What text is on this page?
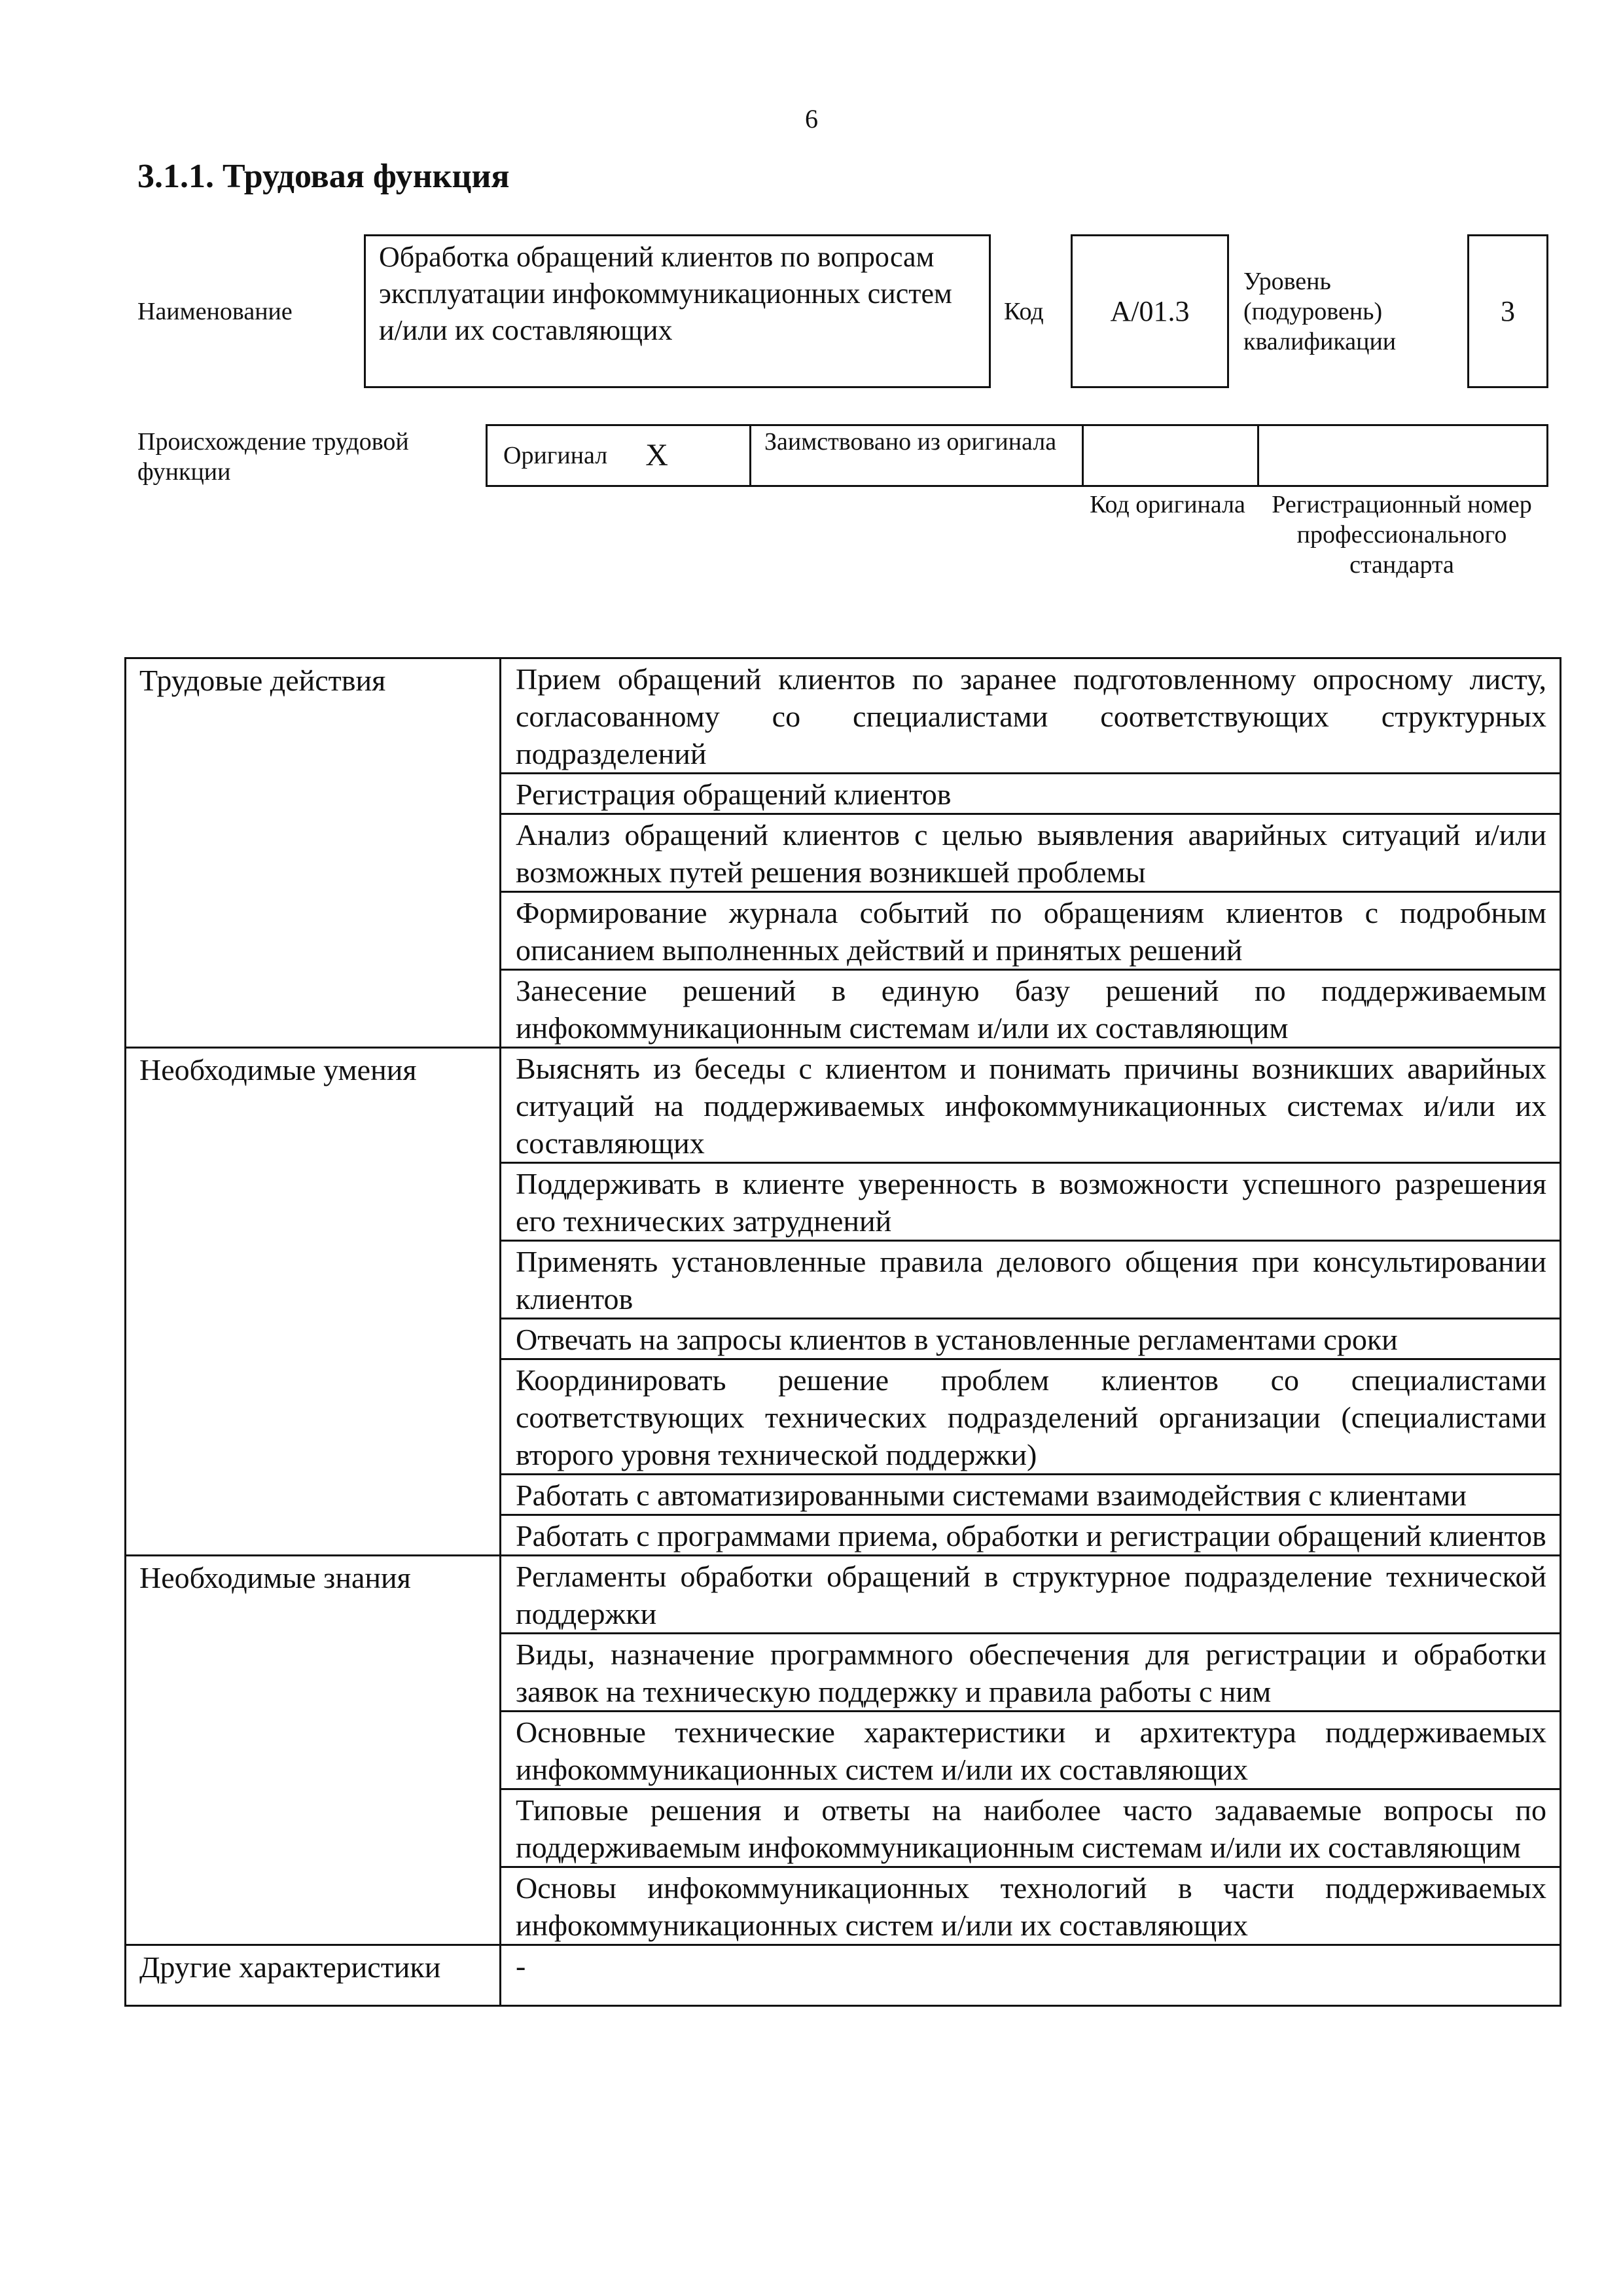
6
3.1.1. Трудовая функция
Наименование
Обработка обращений клиентов по вопросам эксплуатации инфокоммуникационных систем и/или их составляющих
Код A/01.3
Уровень (подуровень) квалификации
3
Происхождение трудовой функции
Оригинал X	Заимствовано из оригинала
Код оригинала	Регистрационный номер профессионального стандарта
Трудовые действия	Прием обращений клиентов по заранее подготовленному опросному листу, согласованному со специалистами соответствующих структурных подразделений
	Регистрация обращений клиентов
	Анализ обращений клиентов с целью выявления аварийных ситуаций и/или возможных путей решения возникшей проблемы
	Формирование журнала событий по обращениям клиентов с подробным описанием выполненных действий и принятых решений
	Занесение решений в единую базу решений по поддерживаемым инфокоммуникационным системам и/или их составляющим
Необходимые умения	Выяснять из беседы с клиентом и понимать причины возникших аварийных ситуаций на поддерживаемых инфокоммуникационных системах и/или их составляющих
	Поддерживать в клиенте уверенность в возможности успешного разрешения его технических затруднений
	Применять установленные правила делового общения при консультировании клиентов
	Отвечать на запросы клиентов в установленные регламентами сроки
	Координировать решение проблем клиентов со специалистами соответствующих технических подразделений организации (специалистами второго уровня технической поддержки)
	Работать с автоматизированными системами взаимодействия с клиентами
	Работать с программами приема, обработки и регистрации обращений клиентов
Необходимые знания	Регламенты обработки обращений в структурное подразделение технической поддержки
	Виды, назначение программного обеспечения для регистрации и обработки заявок на техническую поддержку и правила работы с ним
	Основные технические характеристики и архитектура поддерживаемых инфокоммуникационных систем и/или их составляющих
	Типовые решения и ответы на наиболее часто задаваемые вопросы по поддерживаемым инфокоммуникационным системам и/или их составляющим
	Основы инфокоммуникационных технологий в части поддерживаемых инфокоммуникационных систем и/или их составляющих
Другие характеристики	-
